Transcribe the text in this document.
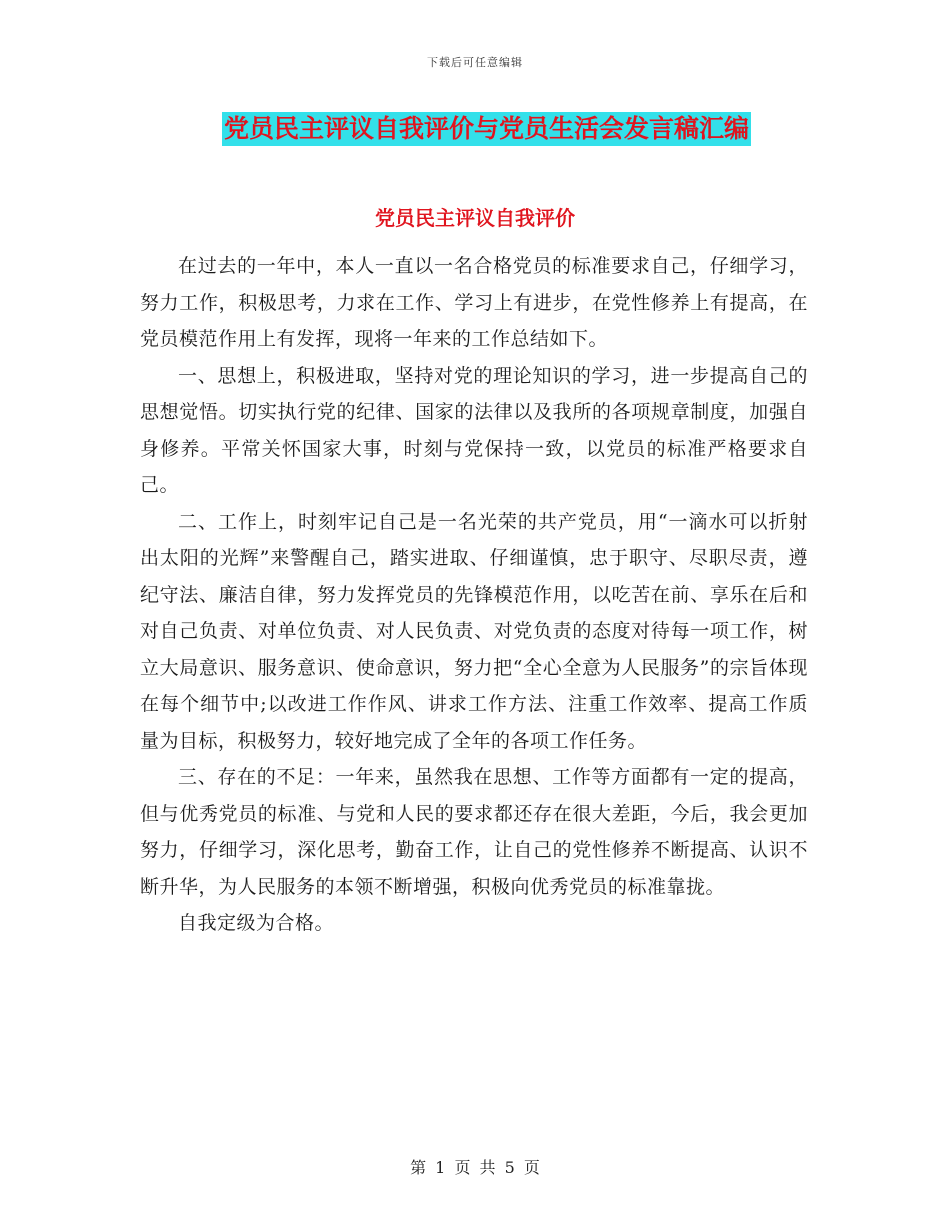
下载后可任意编辑
党员民主评议自我评价与党员生活会发言稿汇编
党员民主评议自我评价

在过去的一年中，本人一直以一名合格党员的标准要求自己，仔细学习，努力工作，积极思考，力求在工作、学习上有进步，在党性修养上有提高，在党员模范作用上有发挥，现将一年来的工作总结如下。

一、思想上，积极进取，坚持对党的理论知识的学习，进一步提高自己的思想觉悟。切实执行党的纪律、国家的法律以及我所的各项规章制度，加强自身修养。平常关怀国家大事，时刻与党保持一致，以党员的标准严格要求自己。

二、工作上，时刻牢记自己是一名光荣的共产党员，用“一滴水可以折射出太阳的光辉”来警醒自己，踏实进取、仔细谨慎，忠于职守、尽职尽责，遵纪守法、廉洁自律，努力发挥党员的先锋模范作用，以吃苦在前、享乐在后和对自己负责、对单位负责、对人民负责、对党负责的态度对待每一项工作，树立大局意识、服务意识、使命意识，努力把“全心全意为人民服务”的宗旨体现在每个细节中;以改进工作作风、讲求工作方法、注重工作效率、提高工作质量为目标，积极努力，较好地完成了全年的各项工作任务。

三、存在的不足：一年来，虽然我在思想、工作等方面都有一定的提高，但与优秀党员的标准、与党和人民的要求都还存在很大差距，今后，我会更加努力，仔细学习，深化思考，勤奋工作，让自己的党性修养不断提高、认识不断升华，为人民服务的本领不断增强，积极向优秀党员的标准靠拢。

自我定级为合格。

第 1 页 共 5 页
